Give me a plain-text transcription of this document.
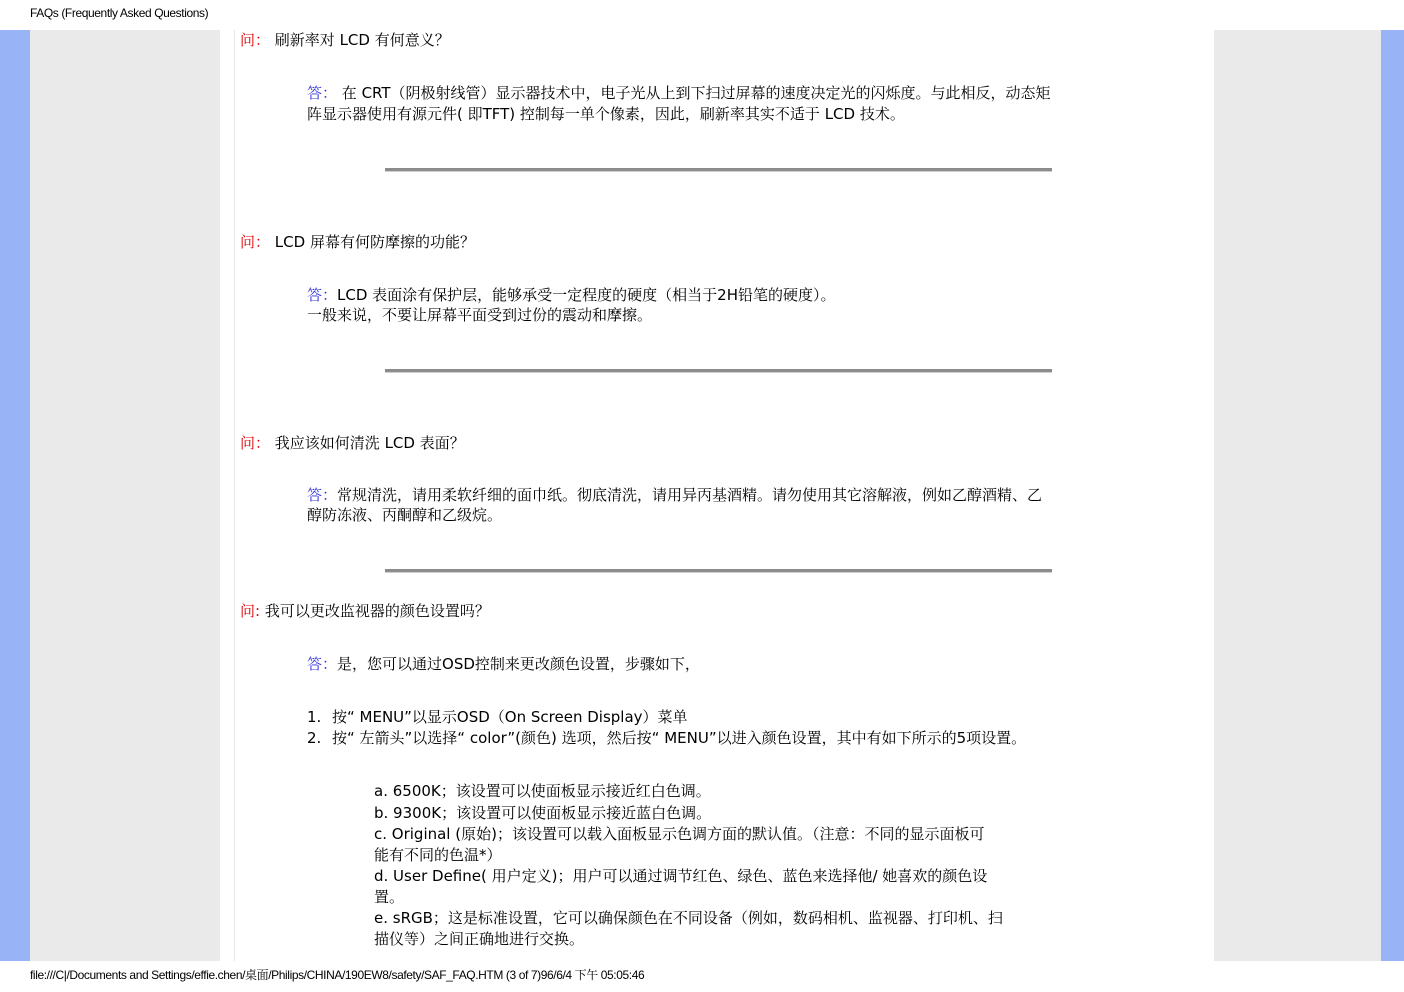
FAQs (Frequently Asked Questions)
问： 刷新率对 LCD 有何意义？
答： 在 CRT（阴极射线管）显示器技术中，电子光从上到下扫过屏幕的速度决定光的闪烁度。与此相反，动态矩
阵显示器使用有源元件( 即TFT) 控制每一单个像素，因此，刷新率其实不适于 LCD 技术。
问： LCD 屏幕有何防摩擦的功能？
答：LCD 表面涂有保护层，能够承受一定程度的硬度（相当于2H铅笔的硬度）。
一般来说，不要让屏幕平面受到过份的震动和摩擦。
问： 我应该如何清洗 LCD 表面？
答：常规清洗，请用柔软纤细的面巾纸。彻底清洗，请用异丙基酒精。请勿使用其它溶解液，例如乙醇酒精、乙
醇防冻液、丙酮醇和乙级烷。
问: 我可以更改监视器的颜色设置吗？
答：是，您可以通过OSD控制来更改颜色设置，步骤如下，
1. 按“ MENU”以显示OSD（On Screen Display）菜单
2. 按“ 左箭头”以选择“ color”(颜色) 选项，然后按“ MENU”以进入颜色设置，其中有如下所示的5项设置。
a. 6500K；该设置可以使面板显示接近红白色调。
b. 9300K；该设置可以使面板显示接近蓝白色调。
c. Original (原始)；该设置可以载入面板显示色调方面的默认值。（注意：不同的显示面板可
能有不同的色温*）
d. User Define( 用户定义)；用户可以通过调节红色、绿色、蓝色来选择他/ 她喜欢的颜色设
置。
e. sRGB；这是标准设置，它可以确保颜色在不同设备（例如，数码相机、监视器、打印机、扫
描仪等）之间正确地进行交换。
file:///C|/Documents and Settings/effie.chen/桌面/Philips/CHINA/190EW8/safety/SAF_FAQ.HTM (3 of 7)96/6/4 下午 05:05:46
